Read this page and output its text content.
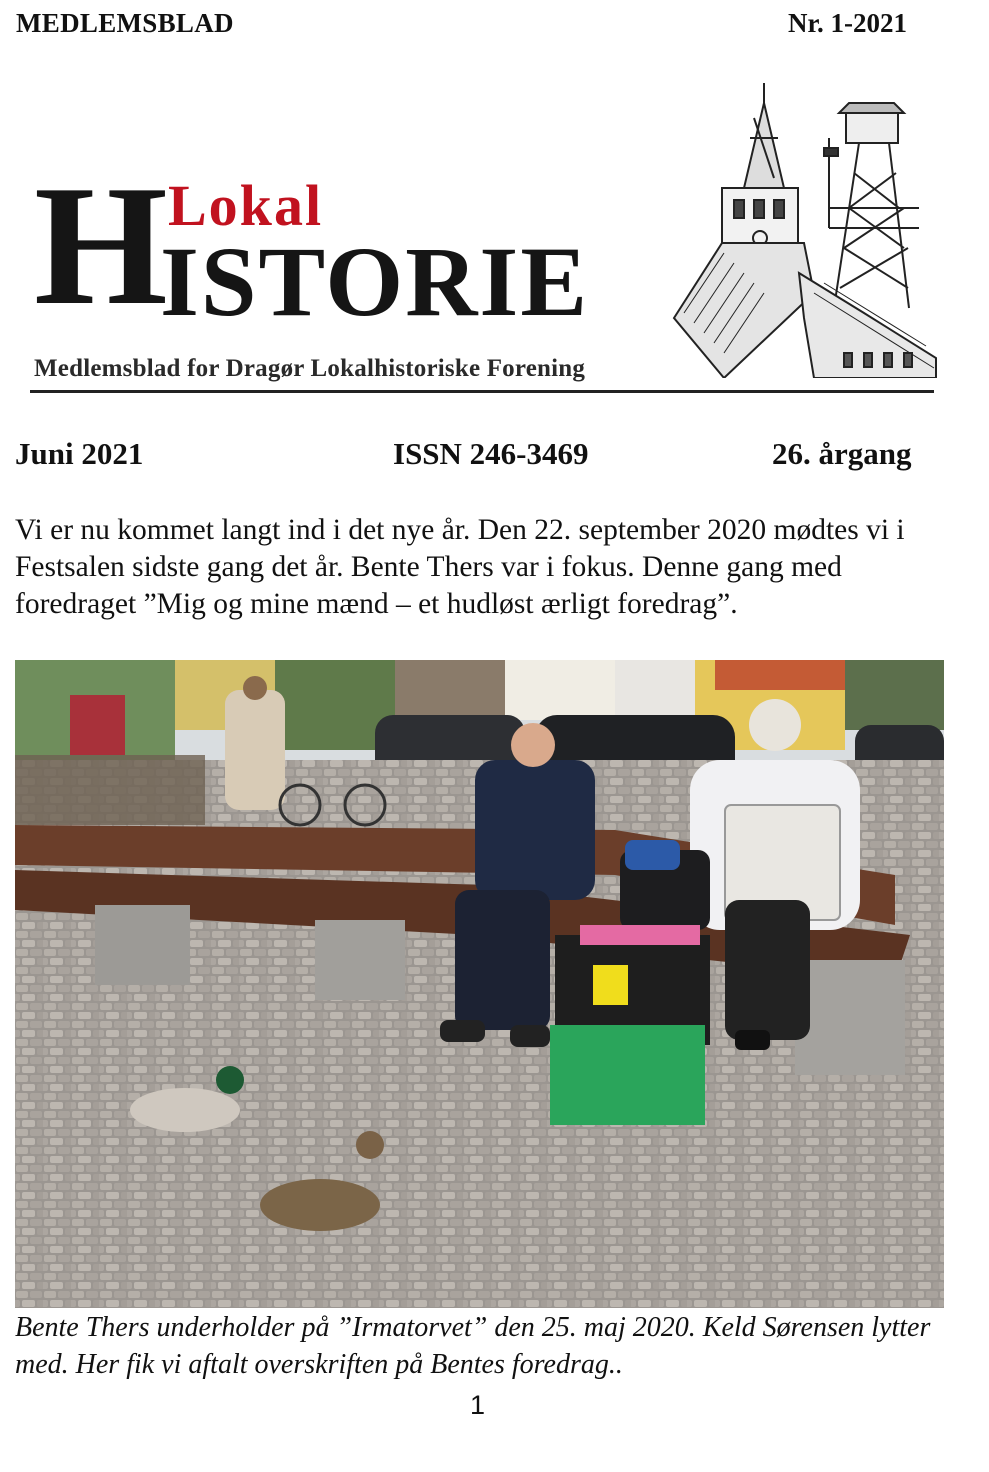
MEDLEMSBLAD	Nr. 1-2021
H Lokal
ISTORIE
Medlemsblad for Dragør Lokalhistoriske Forening
Juni 2021	ISSN 246-3469	26. årgang
Vi er nu kommet langt ind i det nye år. Den 22. september 2020 mødtes vi i Festsalen sidste gang det år. Bente Thers var i fokus. Denne gang med foredraget ”Mig og mine mænd – et hudløst ærligt foredrag”.
Bente Thers underholder på ”Irmatorvet” den 25. maj 2020. Keld Sørensen lytter med. Her fik vi aftalt overskriften på Bentes foredrag..
1
